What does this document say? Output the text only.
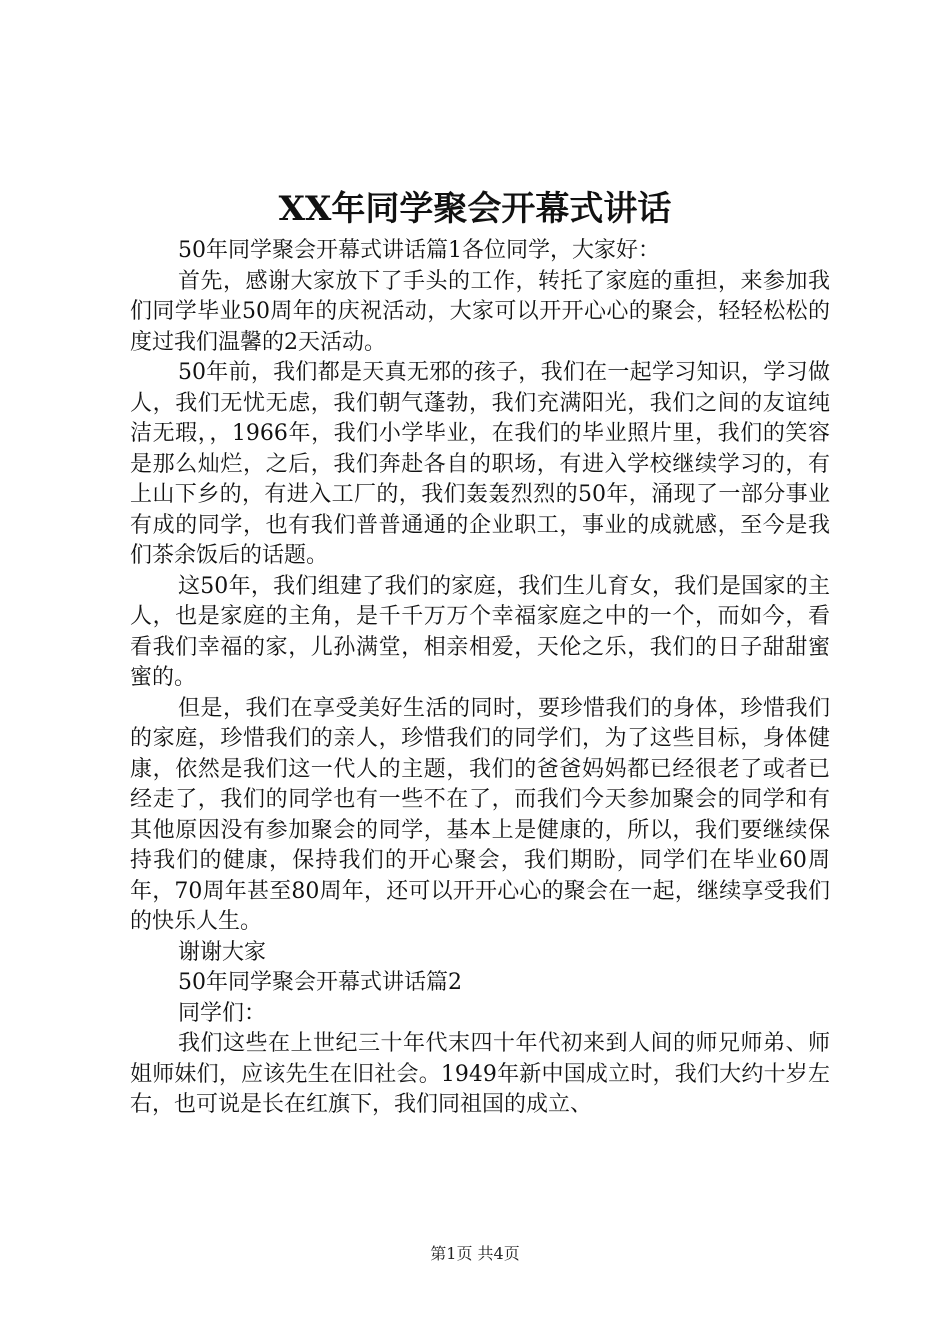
XX年同学聚会开幕式讲话

50年同学聚会开幕式讲话篇1各位同学，大家好：

首先，感谢大家放下了手头的工作，转托了家庭的重担，来参加我们同学毕业50周年的庆祝活动，大家可以开开心心的聚会，轻轻松松的度过我们温馨的2天活动。

50年前，我们都是天真无邪的孩子，我们在一起学习知识，学习做人，我们无忧无虑，我们朝气蓬勃，我们充满阳光，我们之间的友谊纯洁无瑕，，1966年，我们小学毕业，在我们的毕业照片里，我们的笑容是那么灿烂，之后，我们奔赴各自的职场，有进入学校继续学习的，有上山下乡的，有进入工厂的，我们轰轰烈烈的50年，涌现了一部分事业有成的同学，也有我们普普通通的企业职工，事业的成就感，至今是我们茶余饭后的话题。

这50年，我们组建了我们的家庭，我们生儿育女，我们是国家的主人，也是家庭的主角，是千千万万个幸福家庭之中的一个，而如今，看看我们幸福的家，儿孙满堂，相亲相爱，天伦之乐，我们的日子甜甜蜜蜜的。

但是，我们在享受美好生活的同时，要珍惜我们的身体，珍惜我们的家庭，珍惜我们的亲人，珍惜我们的同学们，为了这些目标，身体健康，依然是我们这一代人的主题，我们的爸爸妈妈都已经很老了或者已经走了，我们的同学也有一些不在了，而我们今天参加聚会的同学和有其他原因没有参加聚会的同学，基本上是健康的，所以，我们要继续保持我们的健康，保持我们的开心聚会，我们期盼，同学们在毕业60周年，70周年甚至80周年，还可以开开心心的聚会在一起，继续享受我们的快乐人生。

谢谢大家

50年同学聚会开幕式讲话篇2

同学们：

我们这些在上世纪三十年代末四十年代初来到人间的师兄师弟、师姐师妹们，应该先生在旧社会。1949年新中国成立时，我们大约十岁左右，也可说是长在红旗下，我们同祖国的成立、

第1页 共4页
